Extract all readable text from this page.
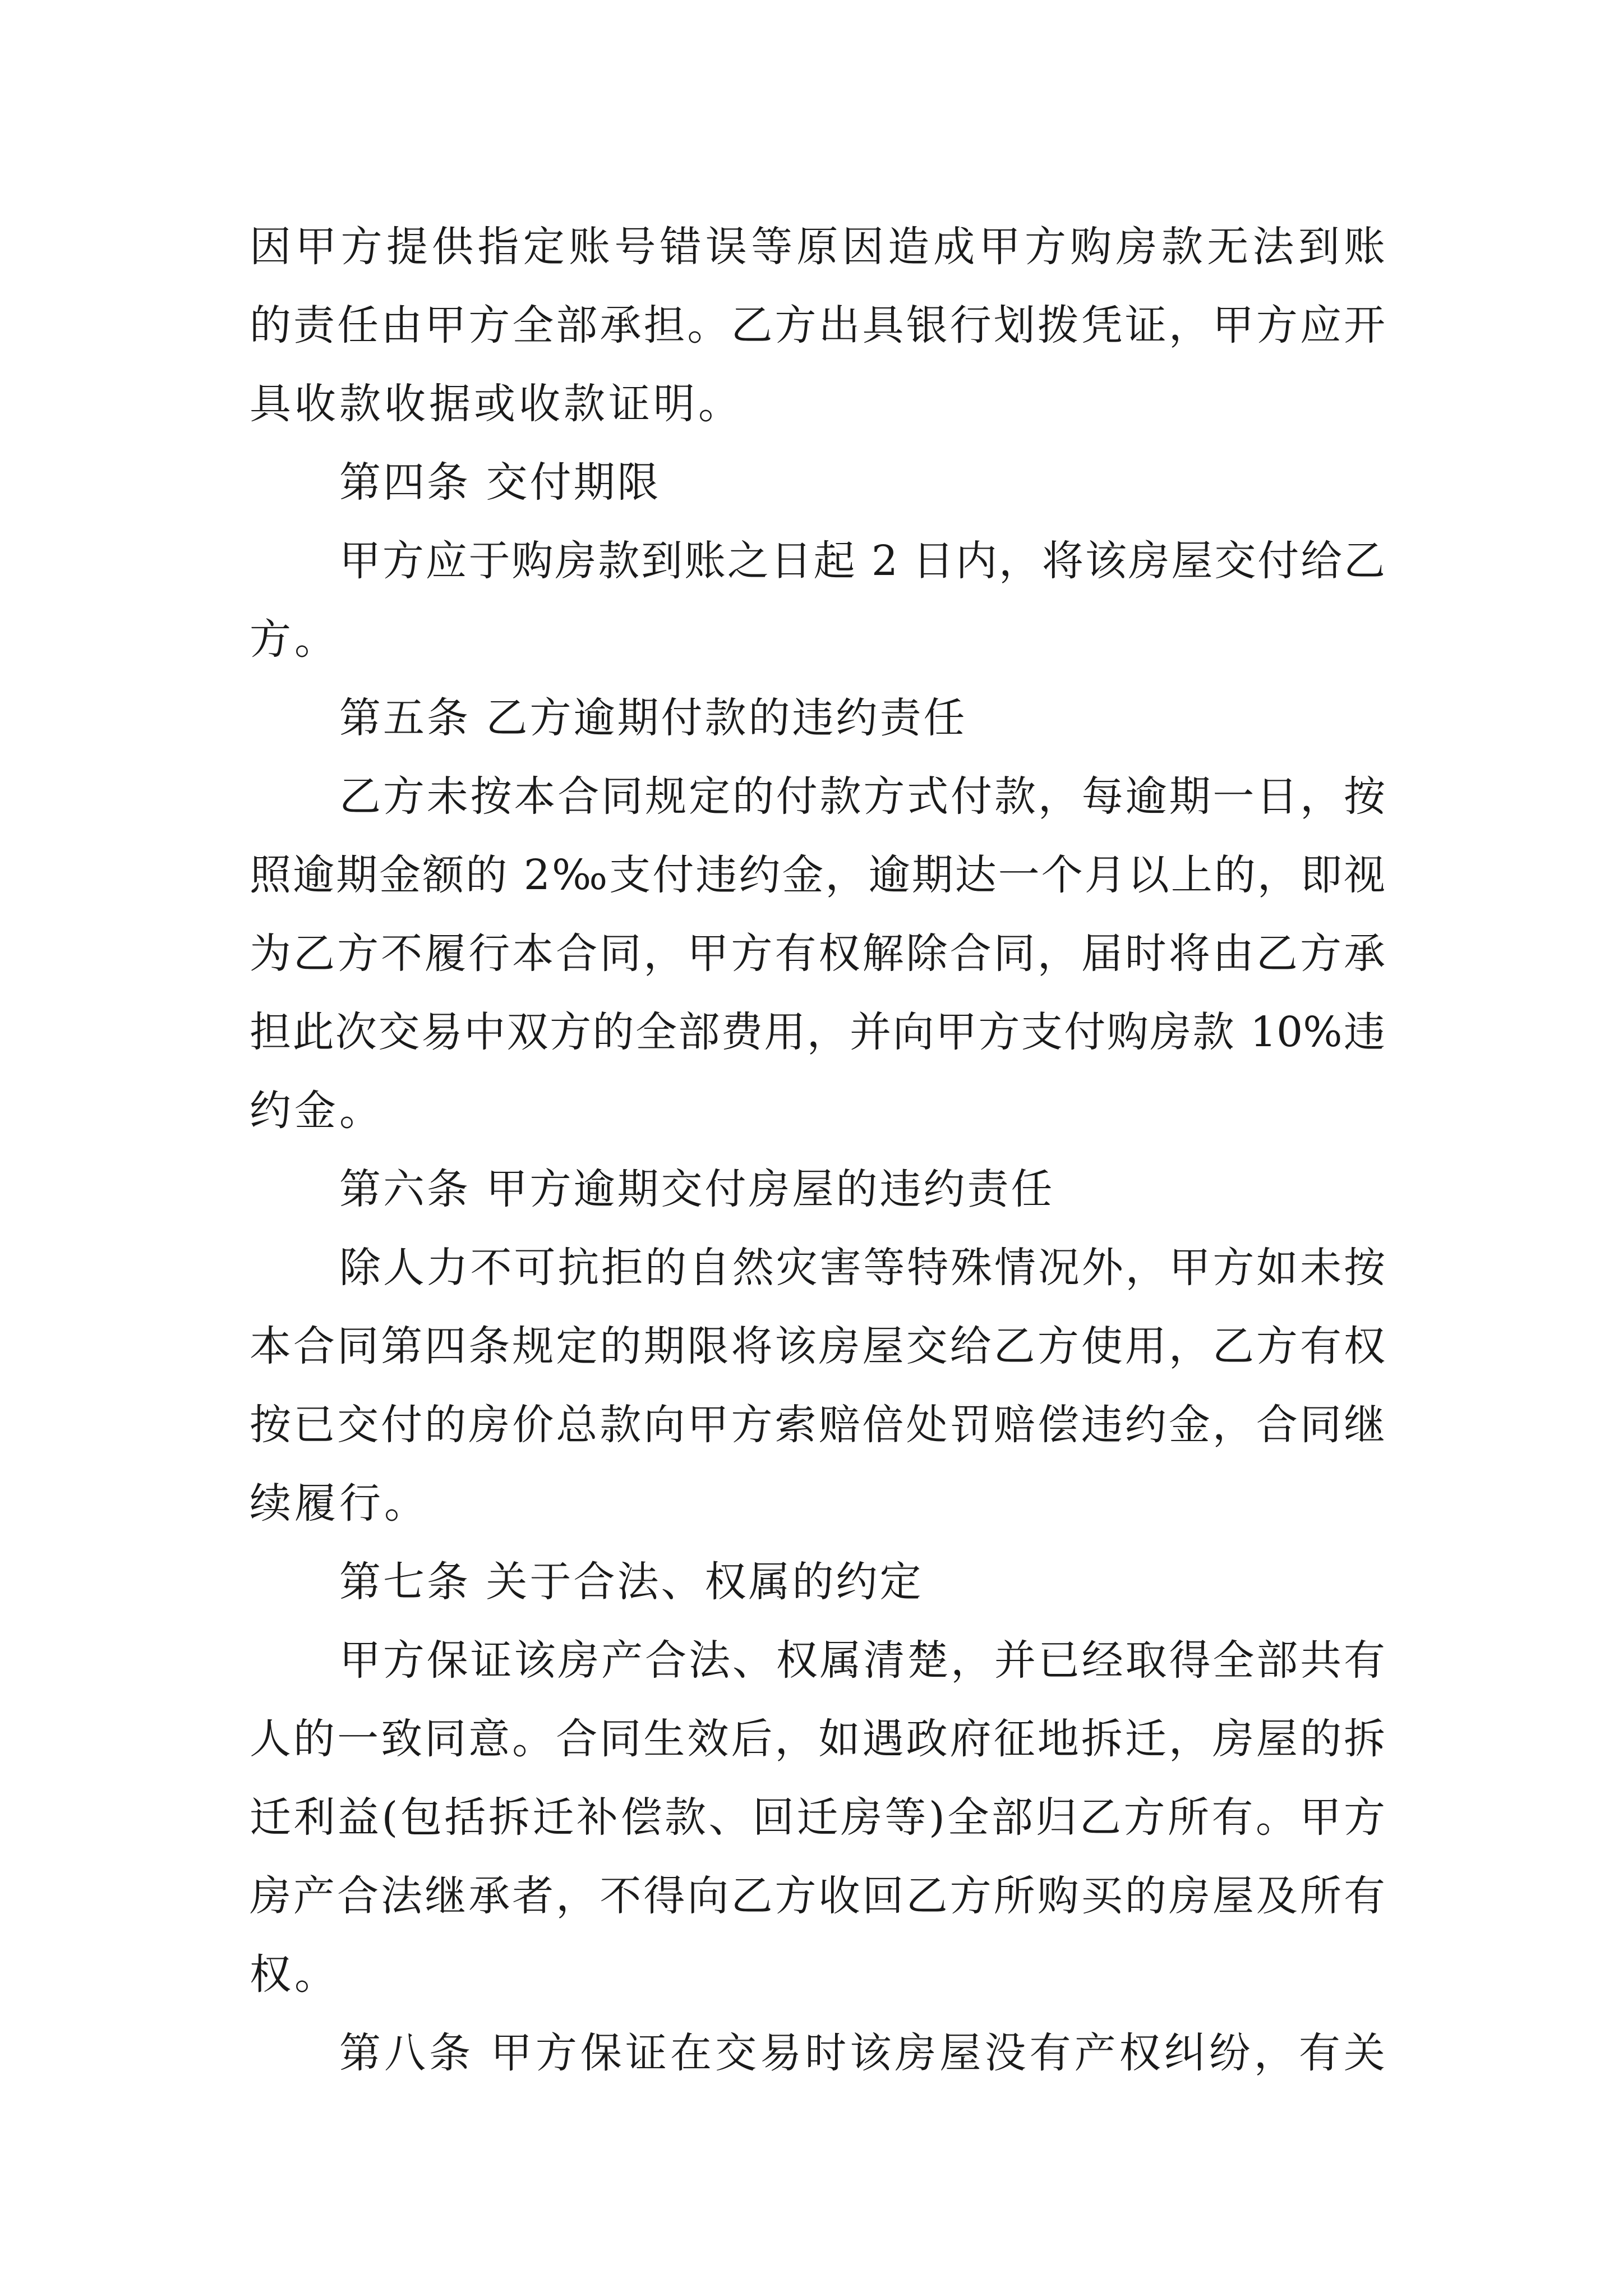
因甲方提供指定账号错误等原因造成甲方购房款无法到账
的责任由甲方全部承担。乙方出具银行划拨凭证，甲方应开
具收款收据或收款证明。
第四条 交付期限
甲方应于购房款到账之日起 2 日内，将该房屋交付给乙
方。
第五条 乙方逾期付款的违约责任
乙方未按本合同规定的付款方式付款，每逾期一日，按
照逾期金额的 2‰支付违约金，逾期达一个月以上的，即视
为乙方不履行本合同，甲方有权解除合同，届时将由乙方承
担此次交易中双方的全部费用，并向甲方支付购房款 10%违
约金。
第六条 甲方逾期交付房屋的违约责任
除人力不可抗拒的自然灾害等特殊情况外，甲方如未按
本合同第四条规定的期限将该房屋交给乙方使用，乙方有权
按已交付的房价总款向甲方索赔倍处罚赔偿违约金，合同继
续履行。
第七条 关于合法、权属的约定
甲方保证该房产合法、权属清楚，并已经取得全部共有
人的一致同意。合同生效后，如遇政府征地拆迁，房屋的拆
迁利益(包括拆迁补偿款、回迁房等)全部归乙方所有。甲方
房产合法继承者，不得向乙方收回乙方所购买的房屋及所有
权。
第八条 甲方保证在交易时该房屋没有产权纠纷，有关
